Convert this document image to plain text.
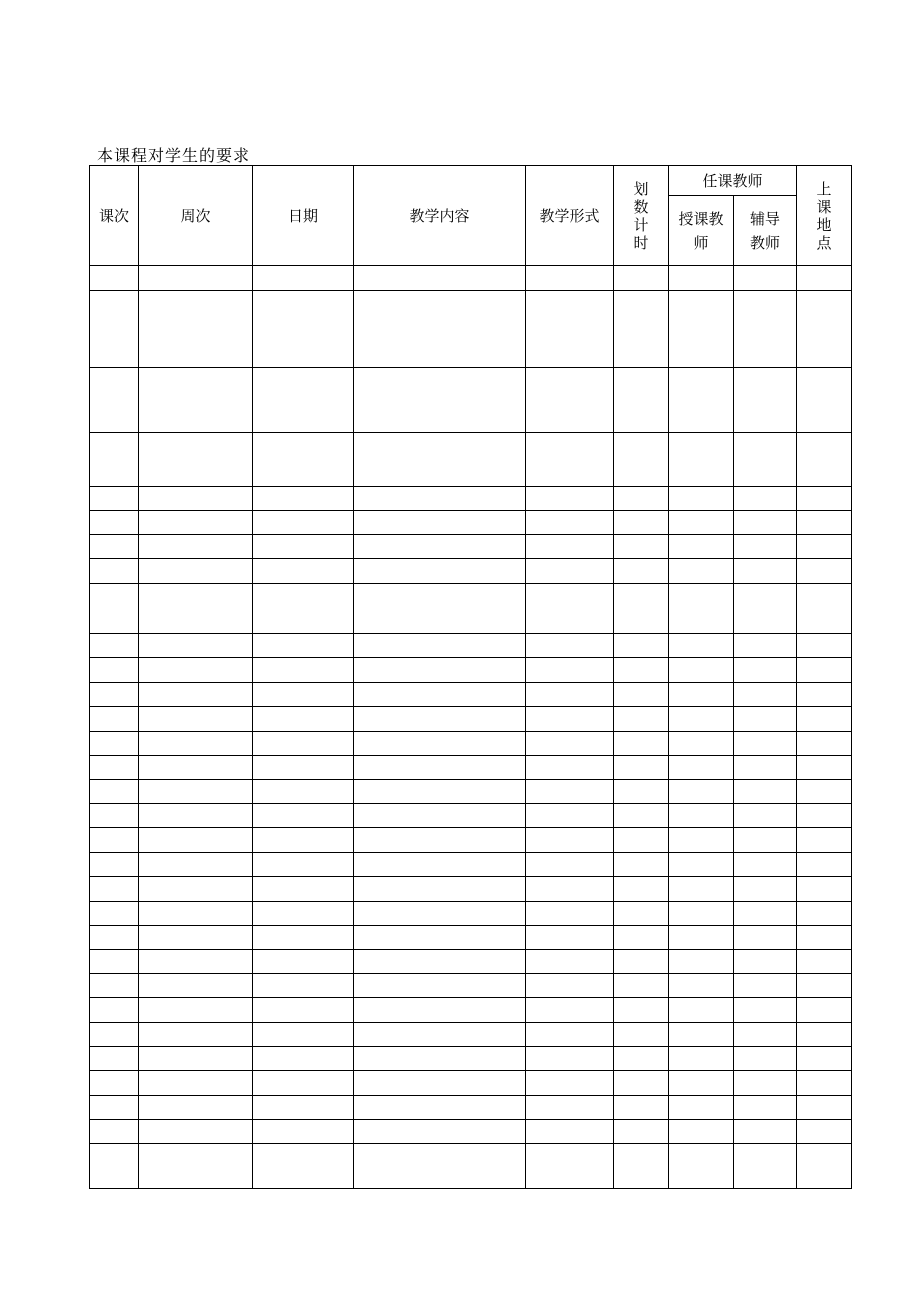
本课程对学生的要求
课次	周次	日期	教学内容	教学形式	划数计时	任课教师		上课地点
						授课教师	辅导教师	
